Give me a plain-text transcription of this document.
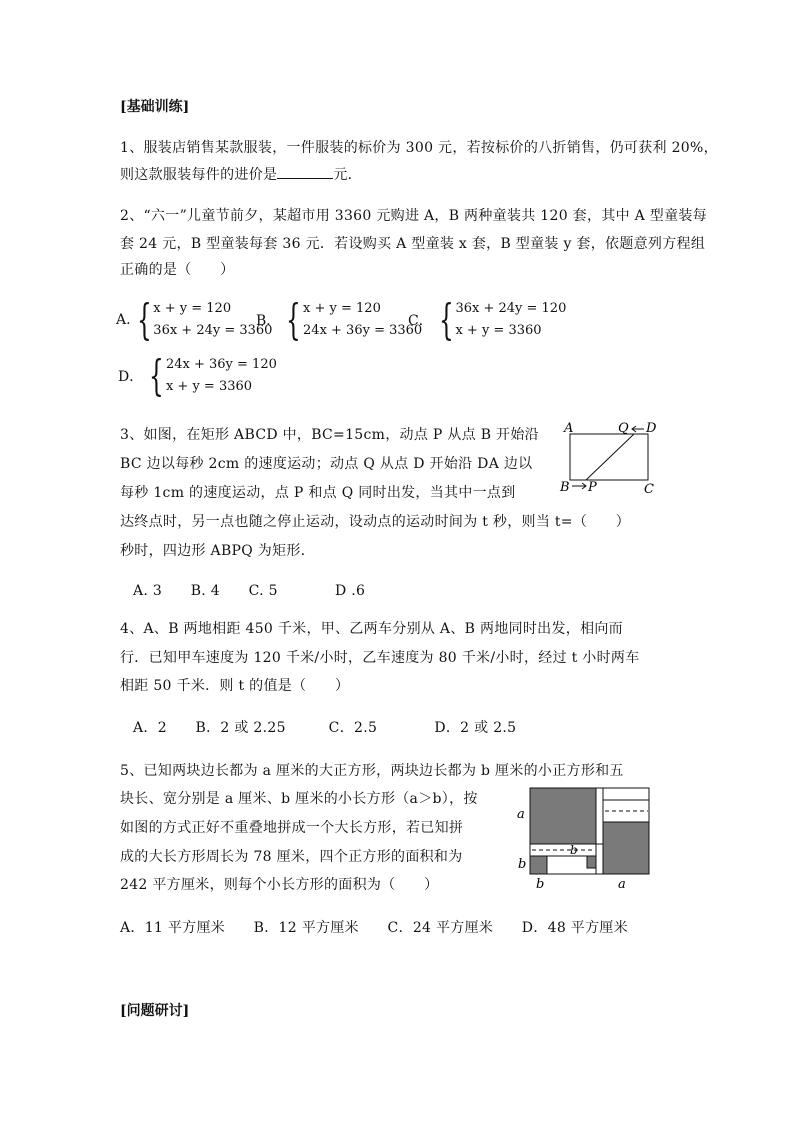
[基础训练]
1、服装店销售某款服装，一件服装的标价为 300 元，若按标价的八折销售，仍可获利 20%，
则这款服装每件的进价是	元．
2、“六一”儿童节前夕，某超市用 3360 元购进 A，B 两种童装共 120 套，其中 A 型童装每
套 24 元，B 型童装每套 36 元．若设购买 A 型童装 x 套，B 型童装 y 套，依题意列方程组
正确的是（　　）
A. { x + y = 120
36x + 24y = 3360
B． { x + y = 120
24x + 36y = 3360
C． { 36x + 24y = 120
x + y = 3360
D． { 24x + 36y = 120
x + y = 3360
3、如图，在矩形 ABCD 中，BC=15cm，动点 P 从点 B 开始沿
BC 边以每秒 2cm 的速度运动；动点 Q 从点 D 开始沿 DA 边以
每秒 1cm 的速度运动，点 P 和点 Q 同时出发，当其中一点到
达终点时，另一点也随之停止运动，设动点的运动时间为 t 秒，则当 t=（　　）
秒时，四边形 ABPQ 为矩形．
A. 3　　B. 4　　C. 5　　　　D .6
A	Q D
B P	C
4、A、B 两地相距 450 千米，甲、乙两车分别从 A、B 两地同时出发，相向而
行．已知甲车速度为 120 千米/小时，乙车速度为 80 千米/小时，经过 t 小时两车
相距 50 千米．则 t 的值是（　　）
A．2　　B．2 或 2.25　　　C．2.5　　　　D．2 或 2.5
5、已知两块边长都为 a 厘米的大正方形，两块边长都为 b 厘米的小正方形和五
块长、宽分别是 a 厘米、b 厘米的小长方形（a＞b），按
如图的方式正好不重叠地拼成一个大长方形，若已知拼
成的大长方形周长为 78 厘米，四个正方形的面积和为
242 平方厘米，则每个小长方形的面积为（　　）
A．11 平方厘米　　B．12 平方厘米　　C．24 平方厘米　　D．48 平方厘米
a
b
b
b	a
[问题研讨]
